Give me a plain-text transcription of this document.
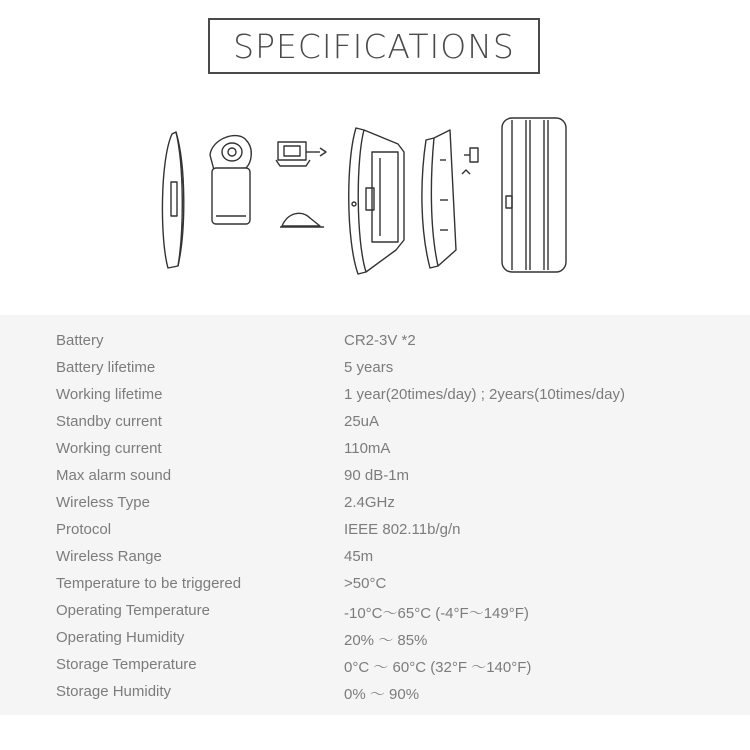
SPECIFICATIONS
Battery	CR2-3V *2
Battery lifetime	5 years
Working lifetime	1 year(20times/day) ; 2years(10times/day)
Standby current	25uA
Working current	110mA
Max alarm sound	90 dB-1m
Wireless Type	2.4GHz
Protocol	IEEE 802.11b/g/n
Wireless Range	45m
Temperature to be triggered	>50°C
Operating Temperature	-10°C～65°C (-4°F～149°F)
Operating Humidity	20% ～ 85%
Storage Temperature	0°C ～ 60°C (32°F ～140°F)
Storage Humidity	0% ～ 90%
